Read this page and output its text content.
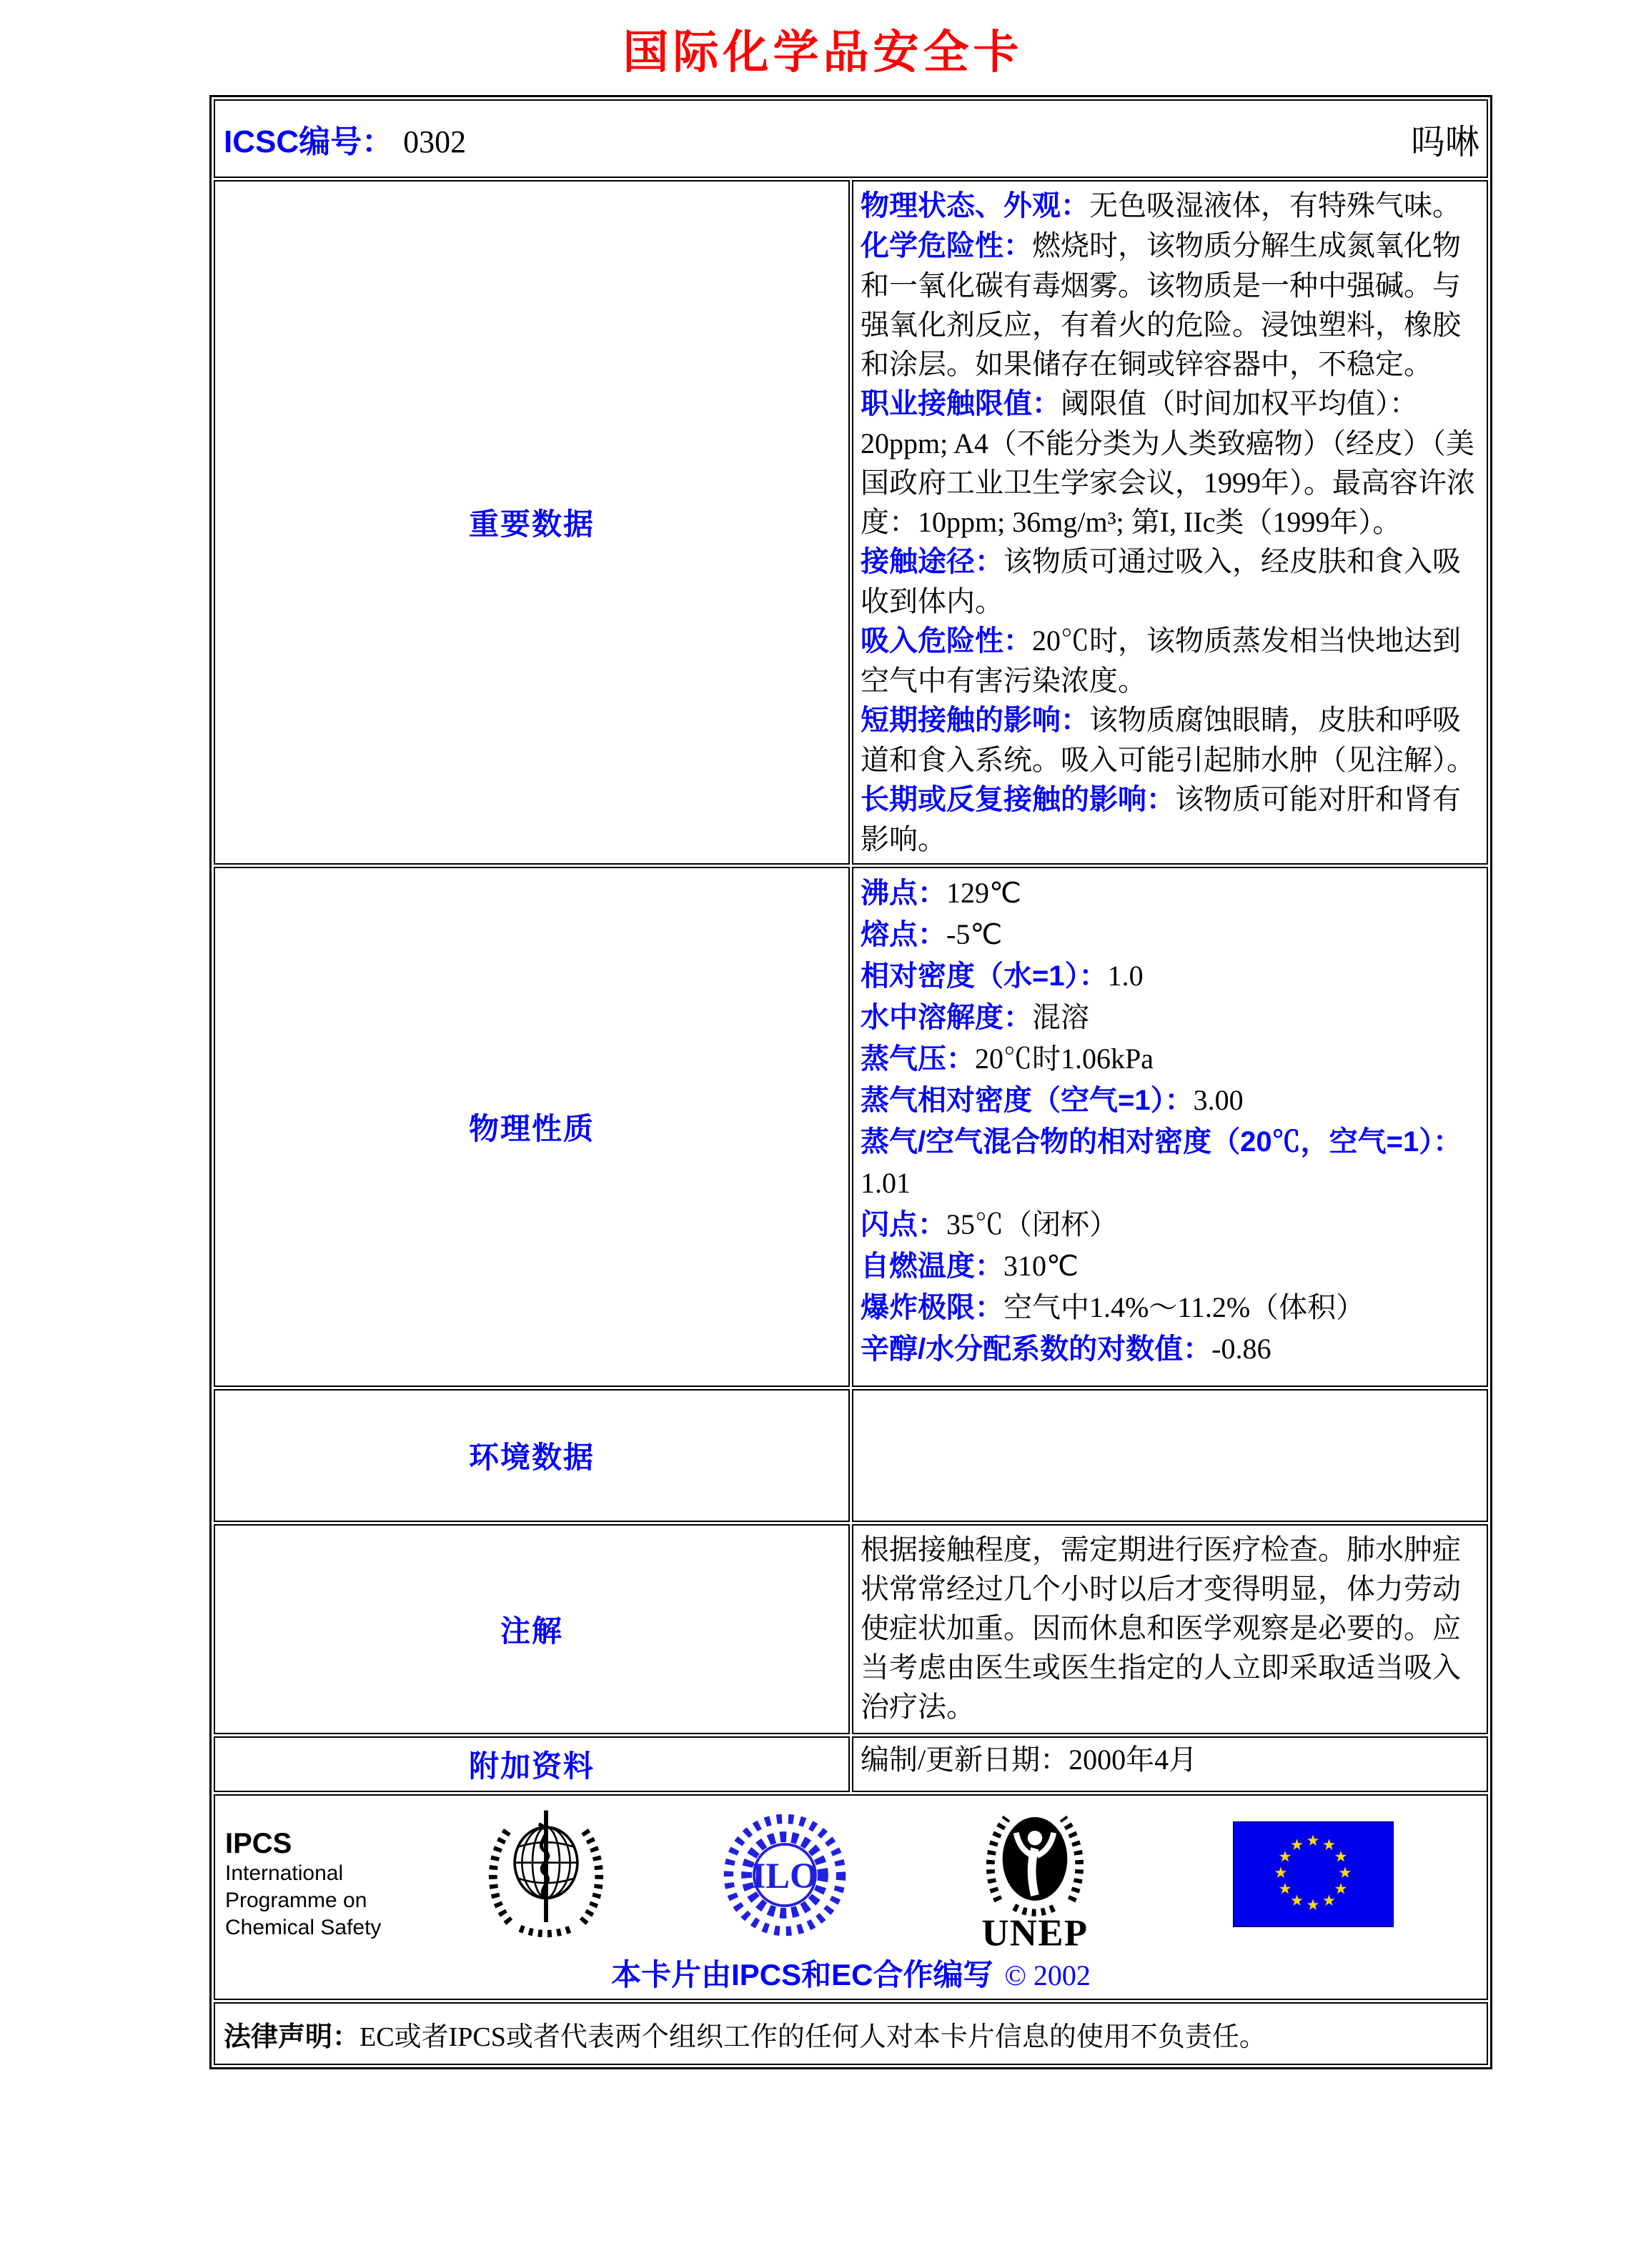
国际化学品安全卡
ICSC编号： 0302 吗啉	

重要数据	
物理状态、外观：无色吸湿液体，有特殊气味。
化学危险性：燃烧时，该物质分解生成氮氧化物和一氧化碳有毒烟雾。该物质是一种中强碱。与强氧化剂反应，有着火的危险。浸蚀塑料，橡胶和涂层。如果储存在铜或锌容器中，不稳定。
职业接触限值：阈限值（时间加权平均值）：20ppm; A4（不能分类为人类致癌物）（经皮）（美国政府工业卫生学家会议，1999年）。最高容许浓度：10ppm; 36mg/m³; 第I, IIc类（1999年）。
接触途径：该物质可通过吸入，经皮肤和食入吸收到体内。
吸入危险性：20℃时，该物质蒸发相当快地达到空气中有害污染浓度。
短期接触的影响：该物质腐蚀眼睛，皮肤和呼吸道和食入系统。吸入可能引起肺水肿（见注解）。
长期或反复接触的影响：该物质可能对肝和肾有影响。

物理性质	
沸点：129℃
熔点：-5℃
相对密度（水=1）：1.0
水中溶解度：混溶
蒸气压：20℃时1.06kPa
蒸气相对密度（空气=1）：3.00
蒸气/空气混合物的相对密度（20℃，空气=1）：1.01
闪点：35℃（闭杯）
自燃温度：310℃
爆炸极限：空气中1.4%～11.2%（体积）
辛醇/水分配系数的对数值：-0.86

环境数据	
注解	根据接触程度，需定期进行医疗检查。肺水肿症状常常经过几个小时以后才变得明显，体力劳动使症状加重。因而休息和医学观察是必要的。应当考虑由医生或医生指定的人立即采取适当吸入治疗法。

附加资料	编制/更新日期：2000年4月

IPCS
International
Programme on
Chemical Safety
ILO
UNEP
本卡片由IPCS和EC合作编写 © 2002

法律声明： EC或者IPCS或者代表两个组织工作的任何人对本卡片信息的使用不负责任。	
